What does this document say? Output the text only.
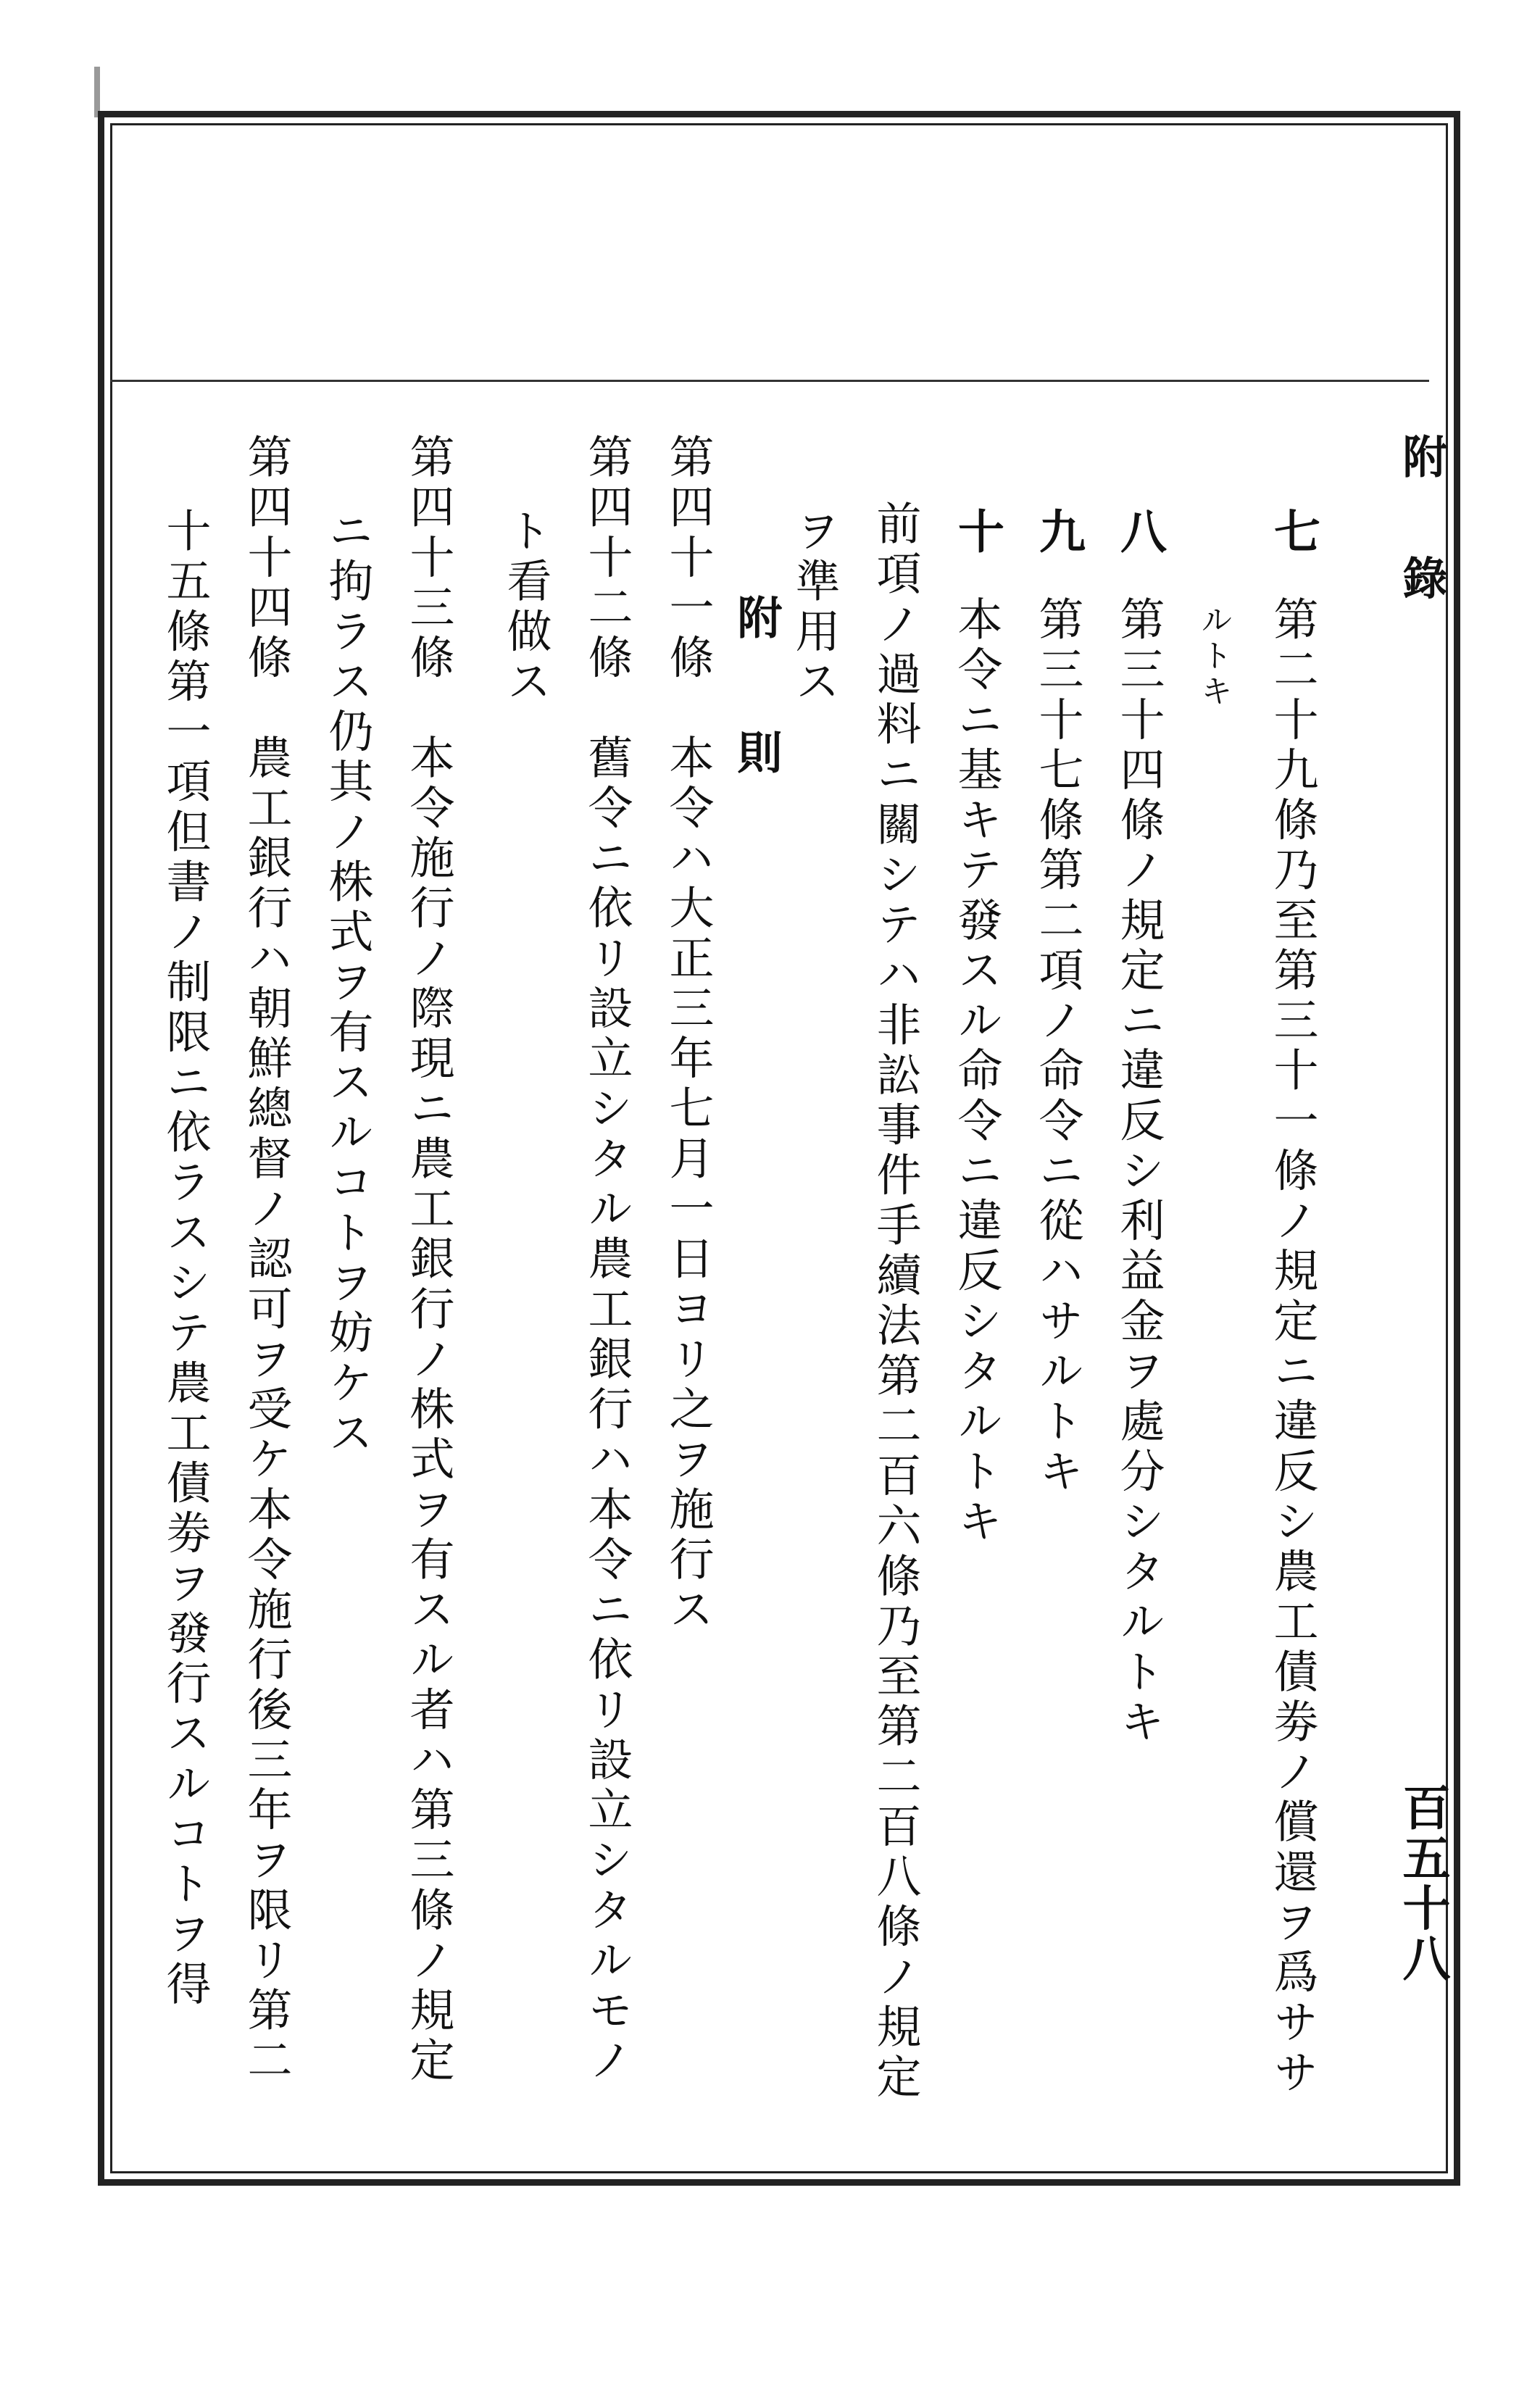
附　錄
百五十八
七
第二十九條乃至第三十一條ノ規定ニ違反シ農工債劵ノ償還ヲ爲ササ
ルトキ
八
第三十四條ノ規定ニ違反シ利益金ヲ處分シタルトキ
九
第三十七條第二項ノ命令ニ從ハサルトキ
十
本令ニ基キテ發スル命令ニ違反シタルトキ
前項ノ過料ニ關シテハ非訟事件手續法第二百六條乃至第二百八條ノ規定
ヲ準用ス
附　則
第四十一條　本令ハ大正三年七月一日ヨリ之ヲ施行ス
第四十二條　舊令ニ依リ設立シタル農工銀行ハ本令ニ依リ設立シタルモノ
ト看做ス
第四十三條　本令施行ノ際現ニ農工銀行ノ株式ヲ有スル者ハ第三條ノ規定
ニ拘ラス仍其ノ株式ヲ有スルコトヲ妨ケス
第四十四條　農工銀行ハ朝鮮總督ノ認可ヲ受ケ本令施行後三年ヲ限リ第二
十五條第一項但書ノ制限ニ依ラスシテ農工債劵ヲ發行スルコトヲ得
